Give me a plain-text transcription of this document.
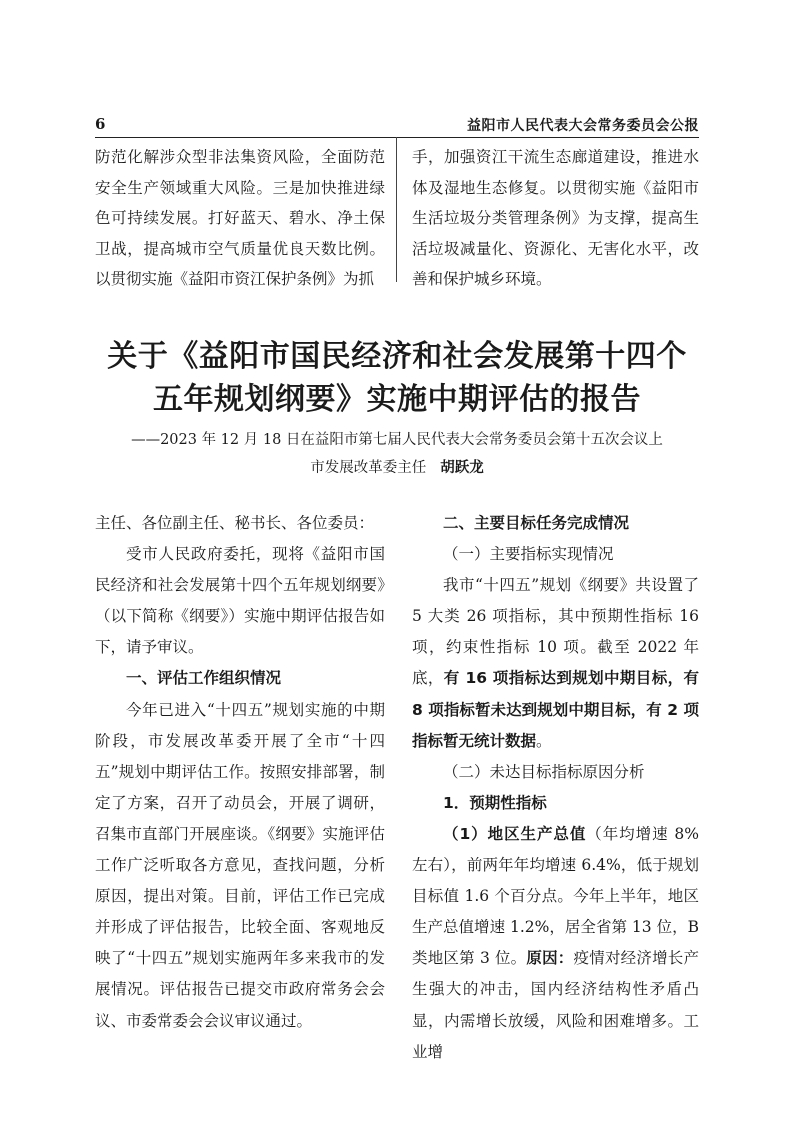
6	益阳市人民代表大会常务委员会公报

防范化解涉众型非法集资风险，全面防范安全生产领域重大风险。三是加快推进绿色可持续发展。打好蓝天、碧水、净土保卫战，提高城市空气质量优良天数比例。以贯彻实施《益阳市资江保护条例》为抓

手，加强资江干流生态廊道建设，推进水体及湿地生态修复。以贯彻实施《益阳市生活垃圾分类管理条例》为支撑，提高生活垃圾减量化、资源化、无害化水平，改善和保护城乡环境。

关于《益阳市国民经济和社会发展第十四个五年规划纲要》实施中期评估的报告

——2023 年 12 月 18 日在益阳市第七届人民代表大会常务委员会第十五次会议上

市发展改革委主任 胡跃龙

主任、各位副主任、秘书长、各位委员：

受市人民政府委托，现将《益阳市国民经济和社会发展第十四个五年规划纲要》（以下简称《纲要》）实施中期评估报告如下，请予审议。

一、评估工作组织情况

今年已进入“十四五”规划实施的中期阶段，市发展改革委开展了全市“十四五”规划中期评估工作。按照安排部署，制定了方案，召开了动员会，开展了调研，召集市直部门开展座谈。《纲要》实施评估工作广泛听取各方意见，查找问题，分析原因，提出对策。目前，评估工作已完成并形成了评估报告，比较全面、客观地反映了“十四五”规划实施两年多来我市的发展情况。评估报告已提交市政府常务会会议、市委常委会会议审议通过。

二、主要目标任务完成情况

（一）主要指标实现情况

我市“十四五”规划《纲要》共设置了 5 大类 26 项指标，其中预期性指标 16 项，约束性指标 10 项。截至 2022 年底，有 16 项指标达到规划中期目标，有 8 项指标暂未达到规划中期目标，有 2 项指标暂无统计数据。

（二）未达目标指标原因分析

1．预期性指标

（1）地区生产总值（年均增速 8%左右），前两年年均增速 6.4%，低于规划目标值 1.6 个百分点。今年上半年，地区生产总值增速 1.2%，居全省第 13 位，B 类地区第 3 位。原因：疫情对经济增长产生强大的冲击，国内经济结构性矛盾凸显，内需增长放缓，风险和困难增多。工业增
